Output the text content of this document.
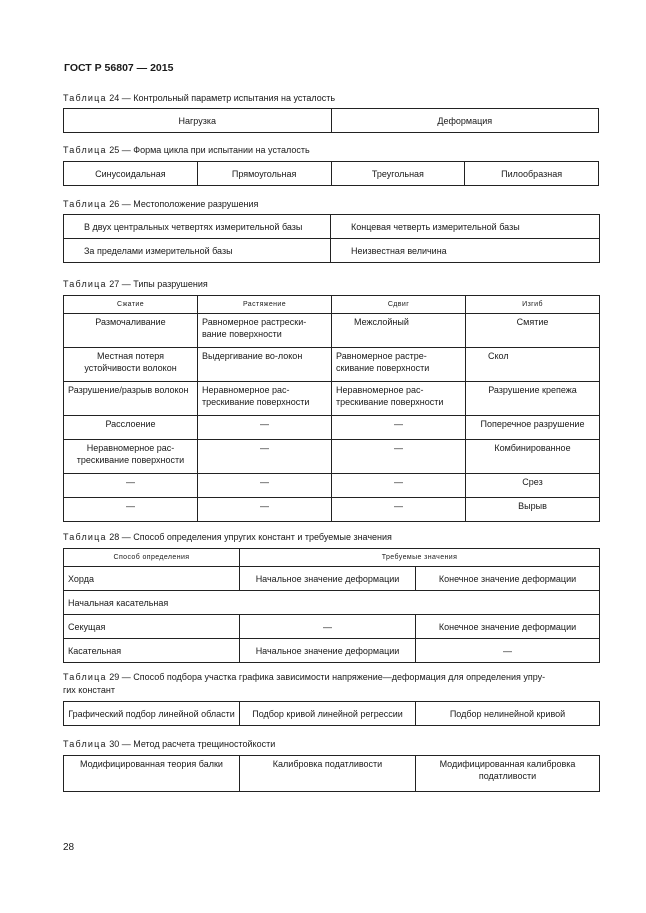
ГОСТ Р 56807 — 2015
Таблица 24 — Контрольный параметр испытания на усталость
Нагрузка	Деформация
Таблица 25 — Форма цикла при испытании на усталость
Синусоидальная	Прямоугольная	Треугольная	Пилообразная
Таблица 26 — Местоположение разрушения
В двух центральных четвертях измерительной базы	Концевая четверть измерительной базы
За пределами измерительной базы	Неизвестная величина
Таблица 27 — Типы разрушения
Сжатие	Растяжение	Сдвиг	Изгиб
Размочаливание	Равномерное растрески-вание поверхности	Межслойный	Смятие
Местная потеря устойчивости волокон	Выдергивание во-локон	Равномерное растре-скивание поверхности	Скол
Разрушение/разрыв волокон	Неравномерное рас-трескивание поверхности	Неравномерное рас-трескивание поверхности	Разрушение крепежа
Расслоение	—	—	Поперечное разрушение
Неравномерное рас-трескивание поверхности	—	—	Комбинированное
—	—	—	Срез
—	—	—	Вырыв
Таблица 28 — Способ определения упругих констант и требуемые значения
Способ определения	Требуемые значения	
Хорда	Начальное значение деформации	Конечное значение деформации
Начальная касательная		
Секущая	—	Конечное значение деформации
Касательная	Начальное значение деформации	—
Таблица 29 — Способ подбора участка графика зависимости напряжение—деформация для определения упру-
гих констант
Графический подбор линейной области	Подбор кривой линейной регрессии	Подбор нелинейной кривой
Таблица 30 — Метод расчета трещиностойкости
Модифицированная теория балки	Калибровка податливости	Модифицированная калибровка податливости
28
